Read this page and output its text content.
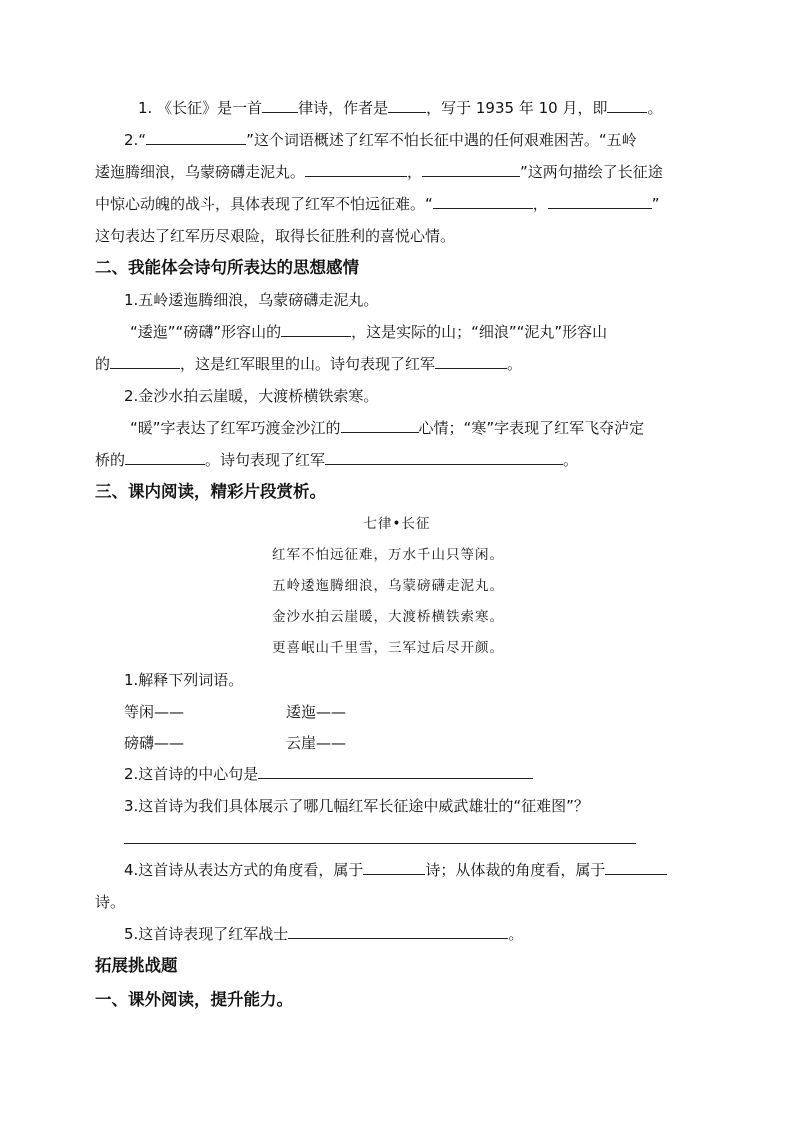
1. 《长征》是一首 律诗，作者是	，写于 1935 年 10 月，即	。
2.“	”这个词语概述了红军不怕长征中遇的任何艰难困苦。“五岭
逶迤腾细浪，乌蒙磅礴走泥丸。	，	”这两句描绘了长征途
中惊心动魄的战斗，具体表现了红军不怕远征难。“	，	”
这句表达了红军历尽艰险，取得长征胜利的喜悦心情。
二、我能体会诗句所表达的思想感情
1.五岭逶迤腾细浪，乌蒙磅礴走泥丸。
“逶迤”“磅礴”形容山的	，这是实际的山；“细浪”“泥丸”形容山
的	，这是红军眼里的山。诗句表现了红军	。
2.金沙水拍云崖暖，大渡桥横铁索寒。
“暖”字表达了红军巧渡金沙江的	心情；“寒”字表现了红军飞夺泸定
桥的	。诗句表现了红军	。
三、课内阅读，精彩片段赏析。
七律•长征
红军不怕远征难，万水千山只等闲。
五岭逶迤腾细浪，乌蒙磅礴走泥丸。
金沙水拍云崖暖，大渡桥横铁索寒。
更喜岷山千里雪，三军过后尽开颜。
1.解释下列词语。
等闲——	逶迤——
磅礴——	云崖——
2.这首诗的中心句是
3.这首诗为我们具体展示了哪几幅红军长征途中威武雄壮的“征难图”？
4.这首诗从表达方式的角度看，属于	诗；从体裁的角度看，属于
诗。
5.这首诗表现了红军战士	。
拓展挑战题
一、课外阅读，提升能力。
